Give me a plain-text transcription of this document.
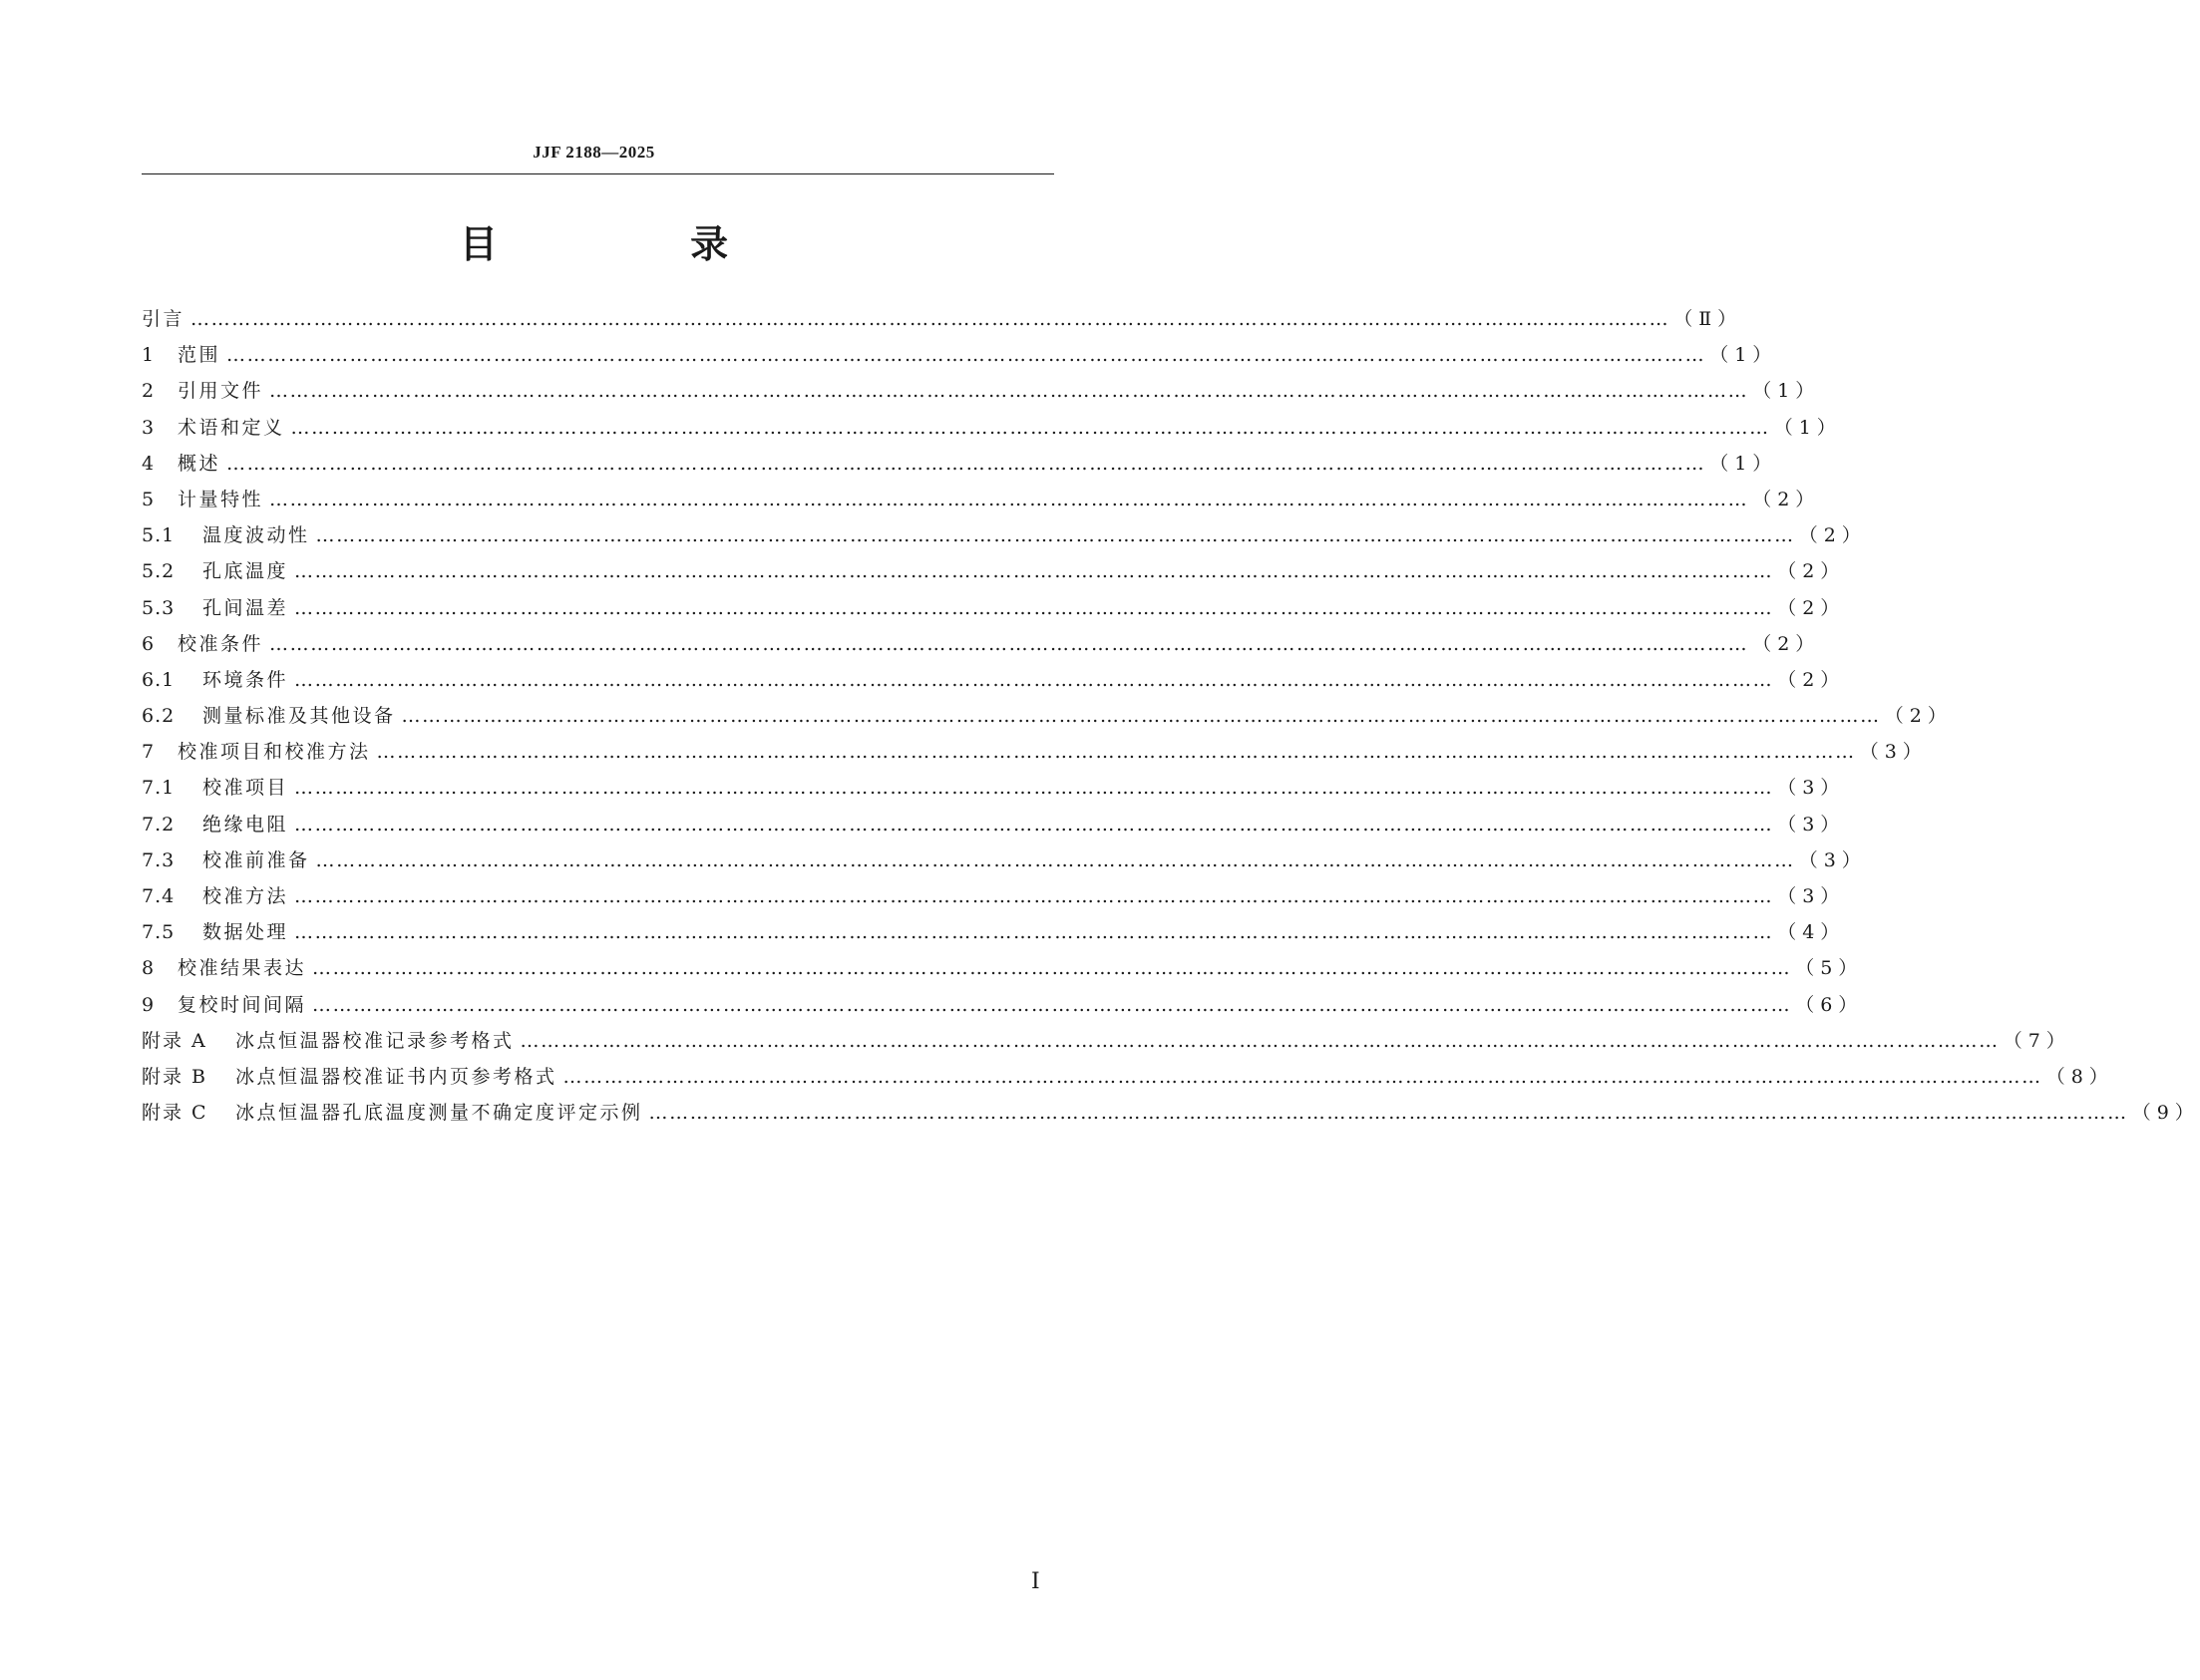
JJF 2188—2025
目 录
引言 ……………………………………………………………………………………………………………………………………………………………………………………………… （Ⅱ）
1	范围 ……………………………………………………………………………………………………………………………………………………………………………………………… （1）
2	引用文件 ……………………………………………………………………………………………………………………………………………………………………………………………… （1）
3	术语和定义 ……………………………………………………………………………………………………………………………………………………………………………………………… （1）
4	概述 ……………………………………………………………………………………………………………………………………………………………………………………………… （1）
5	计量特性 ……………………………………………………………………………………………………………………………………………………………………………………………… （2）
5.1	温度波动性 ……………………………………………………………………………………………………………………………………………………………………………………………… （2）
5.2	孔底温度 ……………………………………………………………………………………………………………………………………………………………………………………………… （2）
5.3	孔间温差 ……………………………………………………………………………………………………………………………………………………………………………………………… （2）
6	校准条件 ……………………………………………………………………………………………………………………………………………………………………………………………… （2）
6.1	环境条件 ……………………………………………………………………………………………………………………………………………………………………………………………… （2）
6.2	测量标准及其他设备 ……………………………………………………………………………………………………………………………………………………………………………………………… （2）
7	校准项目和校准方法 ……………………………………………………………………………………………………………………………………………………………………………………………… （3）
7.1	校准项目 ……………………………………………………………………………………………………………………………………………………………………………………………… （3）
7.2	绝缘电阻 ……………………………………………………………………………………………………………………………………………………………………………………………… （3）
7.3	校准前准备 ……………………………………………………………………………………………………………………………………………………………………………………………… （3）
7.4	校准方法 ……………………………………………………………………………………………………………………………………………………………………………………………… （3）
7.5	数据处理 ……………………………………………………………………………………………………………………………………………………………………………………………… （4）
8	校准结果表达 ……………………………………………………………………………………………………………………………………………………………………………………………… （5）
9	复校时间间隔 ……………………………………………………………………………………………………………………………………………………………………………………………… （6）
附录 A	冰点恒温器校准记录参考格式 ……………………………………………………………………………………………………………………………………………………………………………………………… （7）
附录 B	冰点恒温器校准证书内页参考格式 ……………………………………………………………………………………………………………………………………………………………………………………………… （8）
附录 C	冰点恒温器孔底温度测量不确定度评定示例 ……………………………………………………………………………………………………………………………………………………………………………………………… （9）
Ⅰ
